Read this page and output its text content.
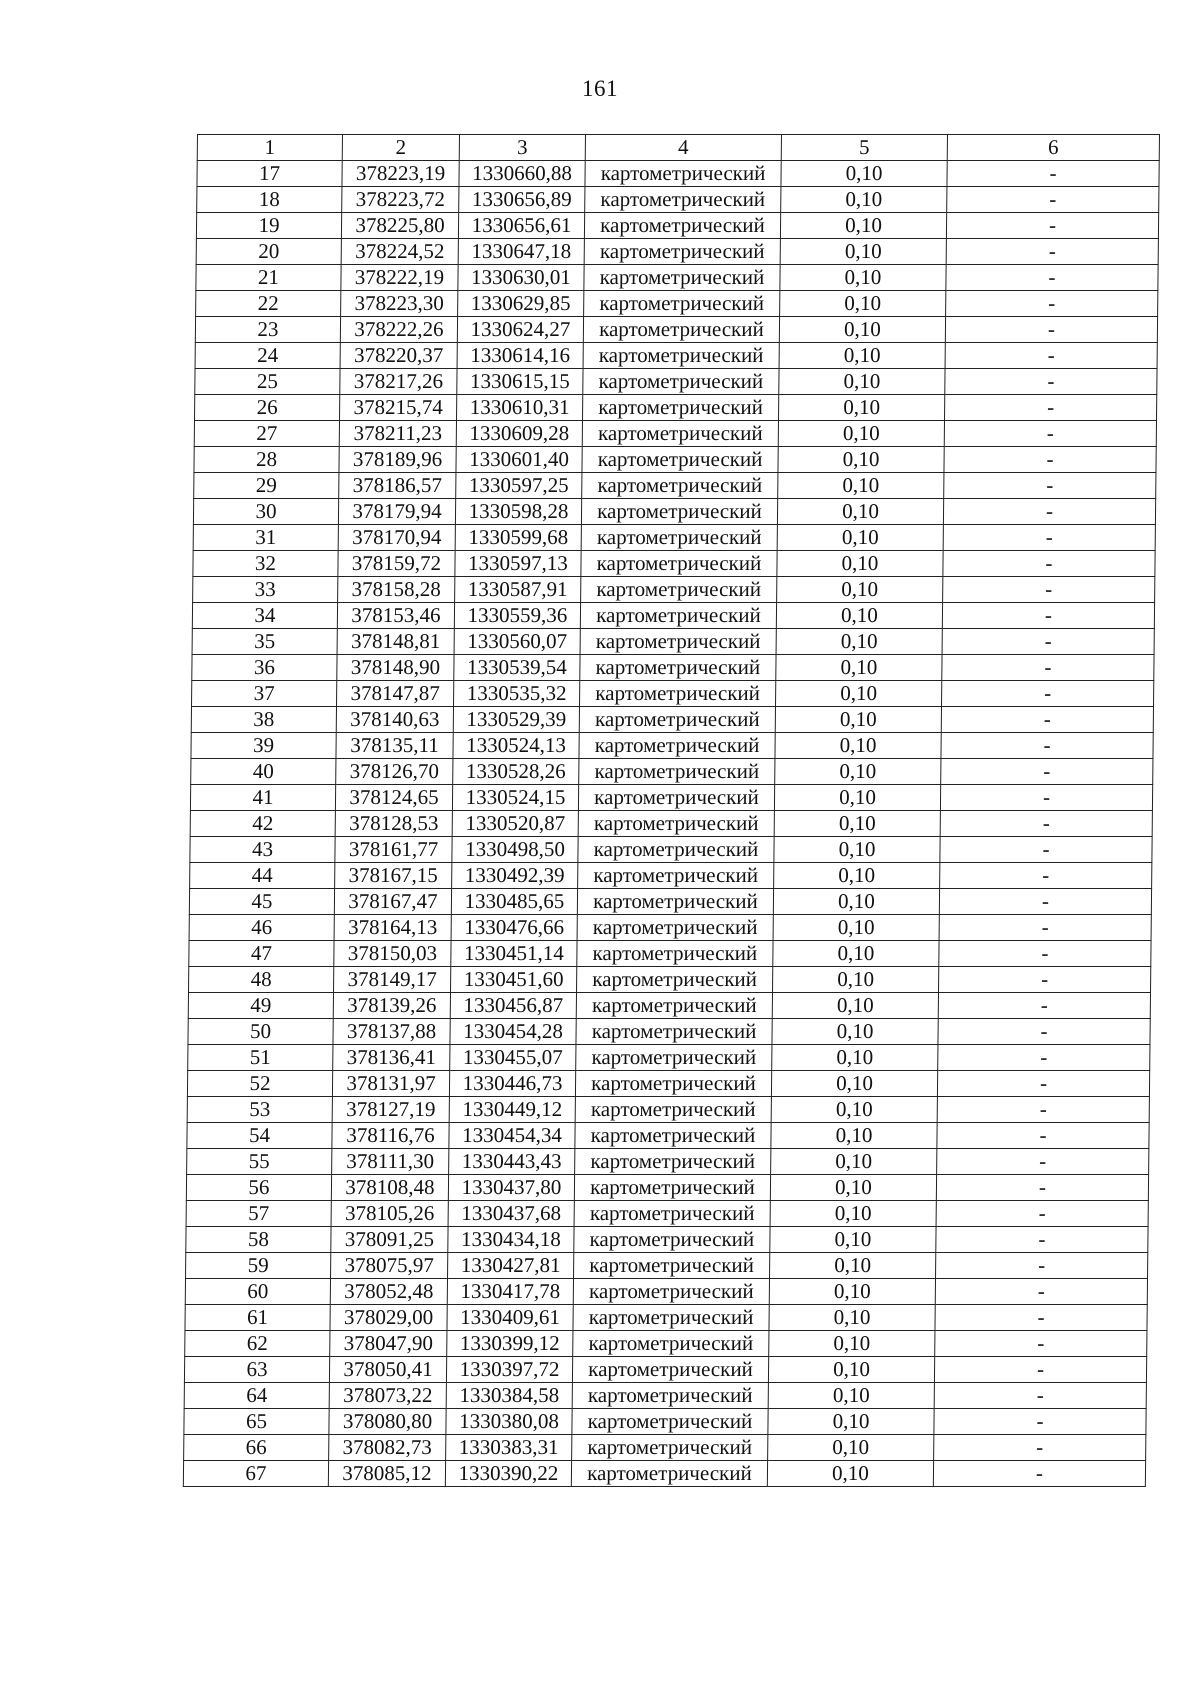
161
1	2	3	4	5	6
17	378223,19	1330660,88	картометрический	0,10	-
18	378223,72	1330656,89	картометрический	0,10	-
19	378225,80	1330656,61	картометрический	0,10	-
20	378224,52	1330647,18	картометрический	0,10	-
21	378222,19	1330630,01	картометрический	0,10	-
22	378223,30	1330629,85	картометрический	0,10	-
23	378222,26	1330624,27	картометрический	0,10	-
24	378220,37	1330614,16	картометрический	0,10	-
25	378217,26	1330615,15	картометрический	0,10	-
26	378215,74	1330610,31	картометрический	0,10	-
27	378211,23	1330609,28	картометрический	0,10	-
28	378189,96	1330601,40	картометрический	0,10	-
29	378186,57	1330597,25	картометрический	0,10	-
30	378179,94	1330598,28	картометрический	0,10	-
31	378170,94	1330599,68	картометрический	0,10	-
32	378159,72	1330597,13	картометрический	0,10	-
33	378158,28	1330587,91	картометрический	0,10	-
34	378153,46	1330559,36	картометрический	0,10	-
35	378148,81	1330560,07	картометрический	0,10	-
36	378148,90	1330539,54	картометрический	0,10	-
37	378147,87	1330535,32	картометрический	0,10	-
38	378140,63	1330529,39	картометрический	0,10	-
39	378135,11	1330524,13	картометрический	0,10	-
40	378126,70	1330528,26	картометрический	0,10	-
41	378124,65	1330524,15	картометрический	0,10	-
42	378128,53	1330520,87	картометрический	0,10	-
43	378161,77	1330498,50	картометрический	0,10	-
44	378167,15	1330492,39	картометрический	0,10	-
45	378167,47	1330485,65	картометрический	0,10	-
46	378164,13	1330476,66	картометрический	0,10	-
47	378150,03	1330451,14	картометрический	0,10	-
48	378149,17	1330451,60	картометрический	0,10	-
49	378139,26	1330456,87	картометрический	0,10	-
50	378137,88	1330454,28	картометрический	0,10	-
51	378136,41	1330455,07	картометрический	0,10	-
52	378131,97	1330446,73	картометрический	0,10	-
53	378127,19	1330449,12	картометрический	0,10	-
54	378116,76	1330454,34	картометрический	0,10	-
55	378111,30	1330443,43	картометрический	0,10	-
56	378108,48	1330437,80	картометрический	0,10	-
57	378105,26	1330437,68	картометрический	0,10	-
58	378091,25	1330434,18	картометрический	0,10	-
59	378075,97	1330427,81	картометрический	0,10	-
60	378052,48	1330417,78	картометрический	0,10	-
61	378029,00	1330409,61	картометрический	0,10	-
62	378047,90	1330399,12	картометрический	0,10	-
63	378050,41	1330397,72	картометрический	0,10	-
64	378073,22	1330384,58	картометрический	0,10	-
65	378080,80	1330380,08	картометрический	0,10	-
66	378082,73	1330383,31	картометрический	0,10	-
67	378085,12	1330390,22	картометрический	0,10	-
